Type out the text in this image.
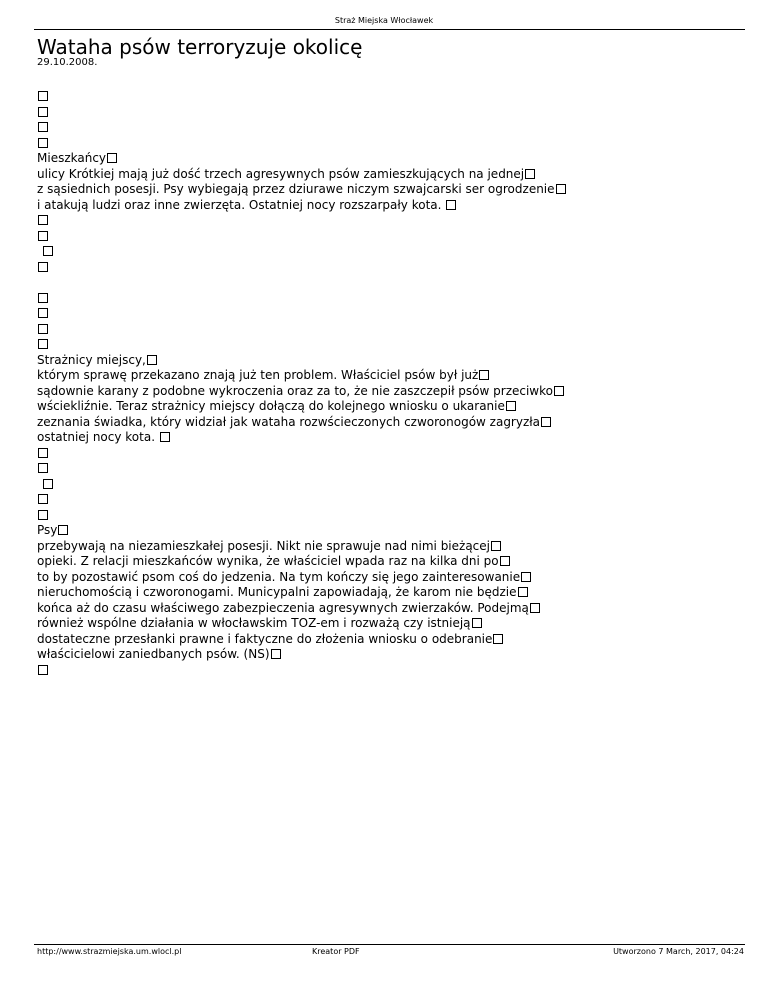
Straż Miejska Włocławek
Wataha psów terroryzuje okolicę
29.10.2008.
Mieszkańcy
ulicy Krótkiej mają już dość trzech agresywnych psów zamieszkujących na jednej
z sąsiednich posesji. Psy wybiegają przez dziurawe niczym szwajcarski ser ogrodzenie
i atakują ludzi oraz inne zwierzęta. Ostatniej nocy rozszarpały kota.
Strażnicy miejscy,
którym sprawę przekazano znają już ten problem. Właściciel psów był już
sądownie karany z podobne wykroczenia oraz za to, że nie zaszczepił psów przeciwko
wściekliźnie. Teraz strażnicy miejscy dołączą do kolejnego wniosku o ukaranie
zeznania świadka, który widział jak wataha rozwścieczonych czworonogów zagryzła
ostatniej nocy kota.
Psy
przebywają na niezamieszkałej posesji. Nikt nie sprawuje nad nimi bieżącej
opieki. Z relacji mieszkańców wynika, że właściciel wpada raz na kilka dni po
to by pozostawić psom coś do jedzenia. Na tym kończy się jego zainteresowanie
nieruchomością i czworonogami. Municypalni zapowiadają, że karom nie będzie
końca aż do czasu właściwego zabezpieczenia agresywnych zwierzaków. Podejmą
również wspólne działania w włocławskim TOZ-em i rozważą czy istnieją
dostateczne przesłanki prawne i faktyczne do złożenia wniosku o odebranie
właścicielowi zaniedbanych psów. (NS)
http://www.strazmiejska.um.wlocl.pl	Kreator PDF	Utworzono 7 March, 2017, 04:24
